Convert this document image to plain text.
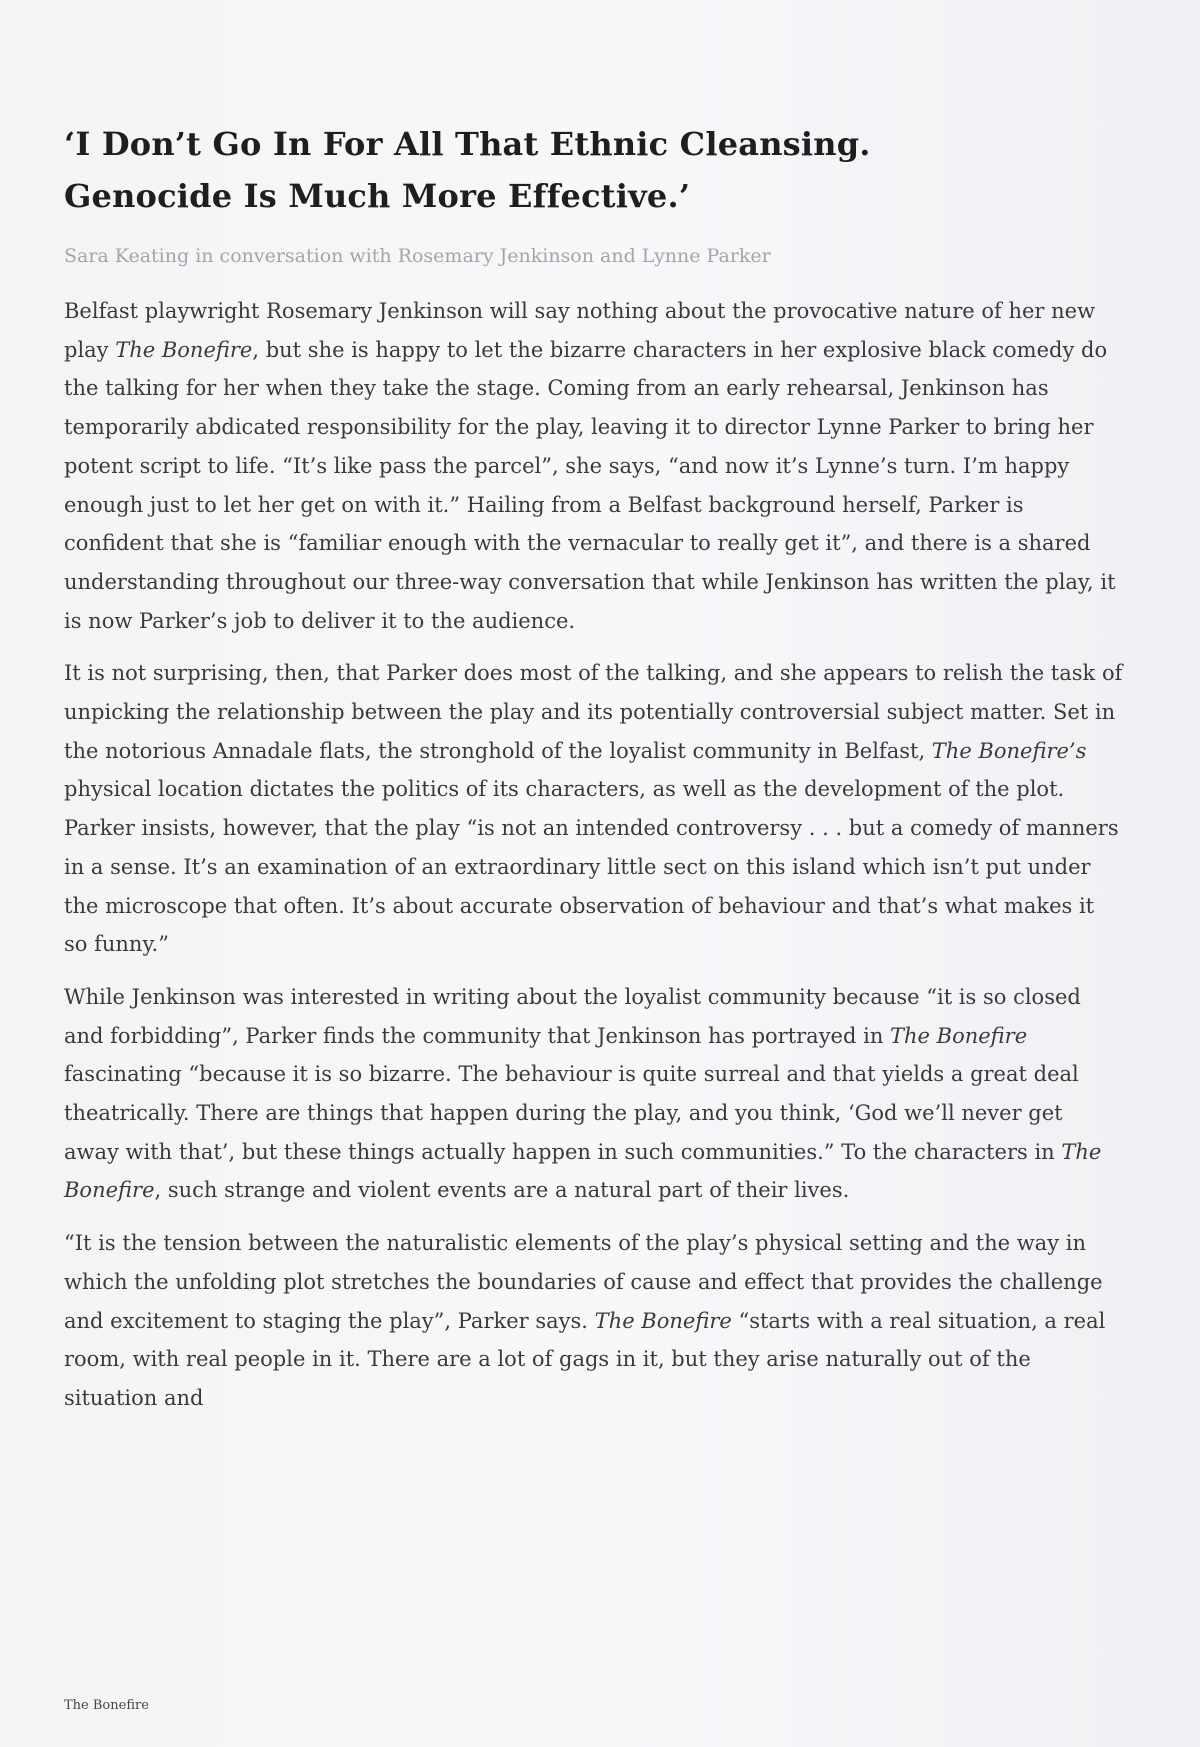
‘I Don’t Go In For All That Ethnic Cleansing.
Genocide Is Much More Effective.’
Sara Keating in conversation with Rosemary Jenkinson and Lynne Parker

Belfast playwright Rosemary Jenkinson will say nothing about the provocative nature of her new play The Bonefire, but she is happy to let the bizarre characters in her explosive black comedy do the talking for her when they take the stage. Coming from an early rehearsal, Jenkinson has temporarily abdicated responsibility for the play, leaving it to director Lynne Parker to bring her potent script to life. “It’s like pass the parcel”, she says, “and now it’s Lynne’s turn. I’m happy enough just to let her get on with it.” Hailing from a Belfast background herself, Parker is confident that she is “familiar enough with the vernacular to really get it”, and there is a shared understanding throughout our three-way conversation that while Jenkinson has written the play, it is now Parker’s job to deliver it to the audience.

It is not surprising, then, that Parker does most of the talking, and she appears to relish the task of unpicking the relationship between the play and its potentially controversial subject matter. Set in the notorious Annadale flats, the stronghold of the loyalist community in Belfast, The Bonefire’s physical location dictates the politics of its characters, as well as the development of the plot. Parker insists, however, that the play “is not an intended controversy . . . but a comedy of manners in a sense. It’s an examination of an extraordinary little sect on this island which isn’t put under the microscope that often. It’s about accurate observation of behaviour and that’s what makes it so funny.”

While Jenkinson was interested in writing about the loyalist community because “it is so closed and forbidding”, Parker finds the community that Jenkinson has portrayed in The Bonefire fascinating “because it is so bizarre. The behaviour is quite surreal and that yields a great deal theatrically. There are things that happen during the play, and you think, ‘God we’ll never get away with that’, but these things actually happen in such communities.” To the characters in The Bonefire, such strange and violent events are a natural part of their lives.

“It is the tension between the naturalistic elements of the play’s physical setting and the way in which the unfolding plot stretches the boundaries of cause and effect that provides the challenge and excitement to staging the play”, Parker says. The Bonefire “starts with a real situation, a real room, with real people in it. There are a lot of gags in it, but they arise naturally out of the situation and

The Bonefire
